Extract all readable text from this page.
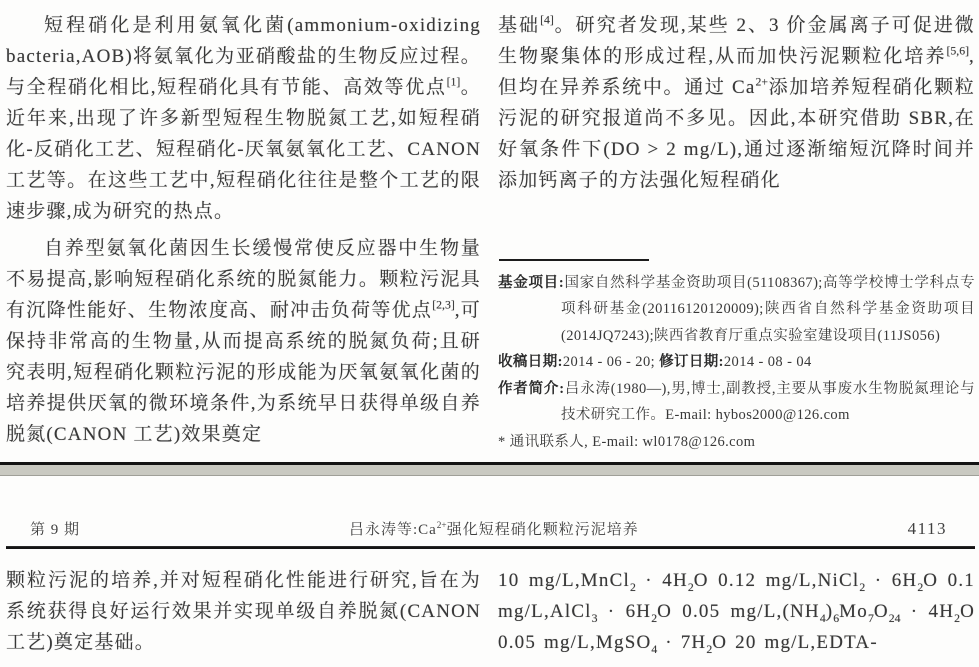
短程硝化是利用氨氧化菌(ammonium-oxidizing bacteria,AOB)将氨氧化为亚硝酸盐的生物反应过程。与全程硝化相比,短程硝化具有节能、高效等优点[1]。近年来,出现了许多新型短程生物脱氮工艺,如短程硝化-反硝化工艺、短程硝化-厌氧氨氧化工艺、CANON 工艺等。在这些工艺中,短程硝化往往是整个工艺的限速步骤,成为研究的热点。

自养型氨氧化菌因生长缓慢常使反应器中生物量不易提高,影响短程硝化系统的脱氮能力。颗粒污泥具有沉降性能好、生物浓度高、耐冲击负荷等优点[2,3],可保持非常高的生物量,从而提高系统的脱氮负荷;且研究表明,短程硝化颗粒污泥的形成能为厌氧氨氧化菌的培养提供厌氧的微环境条件,为系统早日获得单级自养脱氮(CANON 工艺)效果奠定

基础[4]。研究者发现,某些 2、3 价金属离子可促进微生物聚集体的形成过程,从而加快污泥颗粒化培养[5,6],但均在异养系统中。通过 $Ca^{2+}$添加培养短程硝化颗粒污泥的研究报道尚不多见。因此,本研究借助 SBR,在好氧条件下(DO > 2 mg/L),通过逐渐缩短沉降时间并添加钙离子的方法强化短程硝化

基金项目:国家自然科学基金资助项目(51108367);高等学校博士学科点专项科研基金(20116120120009);陕西省自然科学基金资助项目(2014JQ7243);陕西省教育厅重点实验室建设项目(11JS056)
收稿日期:2014 - 06 - 20; 修订日期:2014 - 08 - 04
作者简介:吕永涛(1980—),男,博士,副教授,主要从事废水生物脱氮理论与技术研究工作。E-mail: hybos2000@126.com
* 通讯联系人, E-mail: wl0178@126.com
第 9 期	吕永涛等$:Ca^{2+}$强化短程硝化颗粒污泥培养	4113

颗粒污泥的培养,并对短程硝化性能进行研究,旨在为系统获得良好运行效果并实现单级自养脱氮(CANON 工艺)奠定基础。

10 mg/L,MnCl$_2$ · $4H_2O$ 0.12 mg/L,NiCl$_2$ · $6H_2O$ 0.1 mg/L,AlCl$_3$ · $6H_2O$ 0.05 $mg/L,(NH_4)_6Mo_7O_{24} \cdot 4H_2O$ 0.05 mg/L,MgSO$_4$ · $7H_2O$ 20 mg/L,EDTA-
